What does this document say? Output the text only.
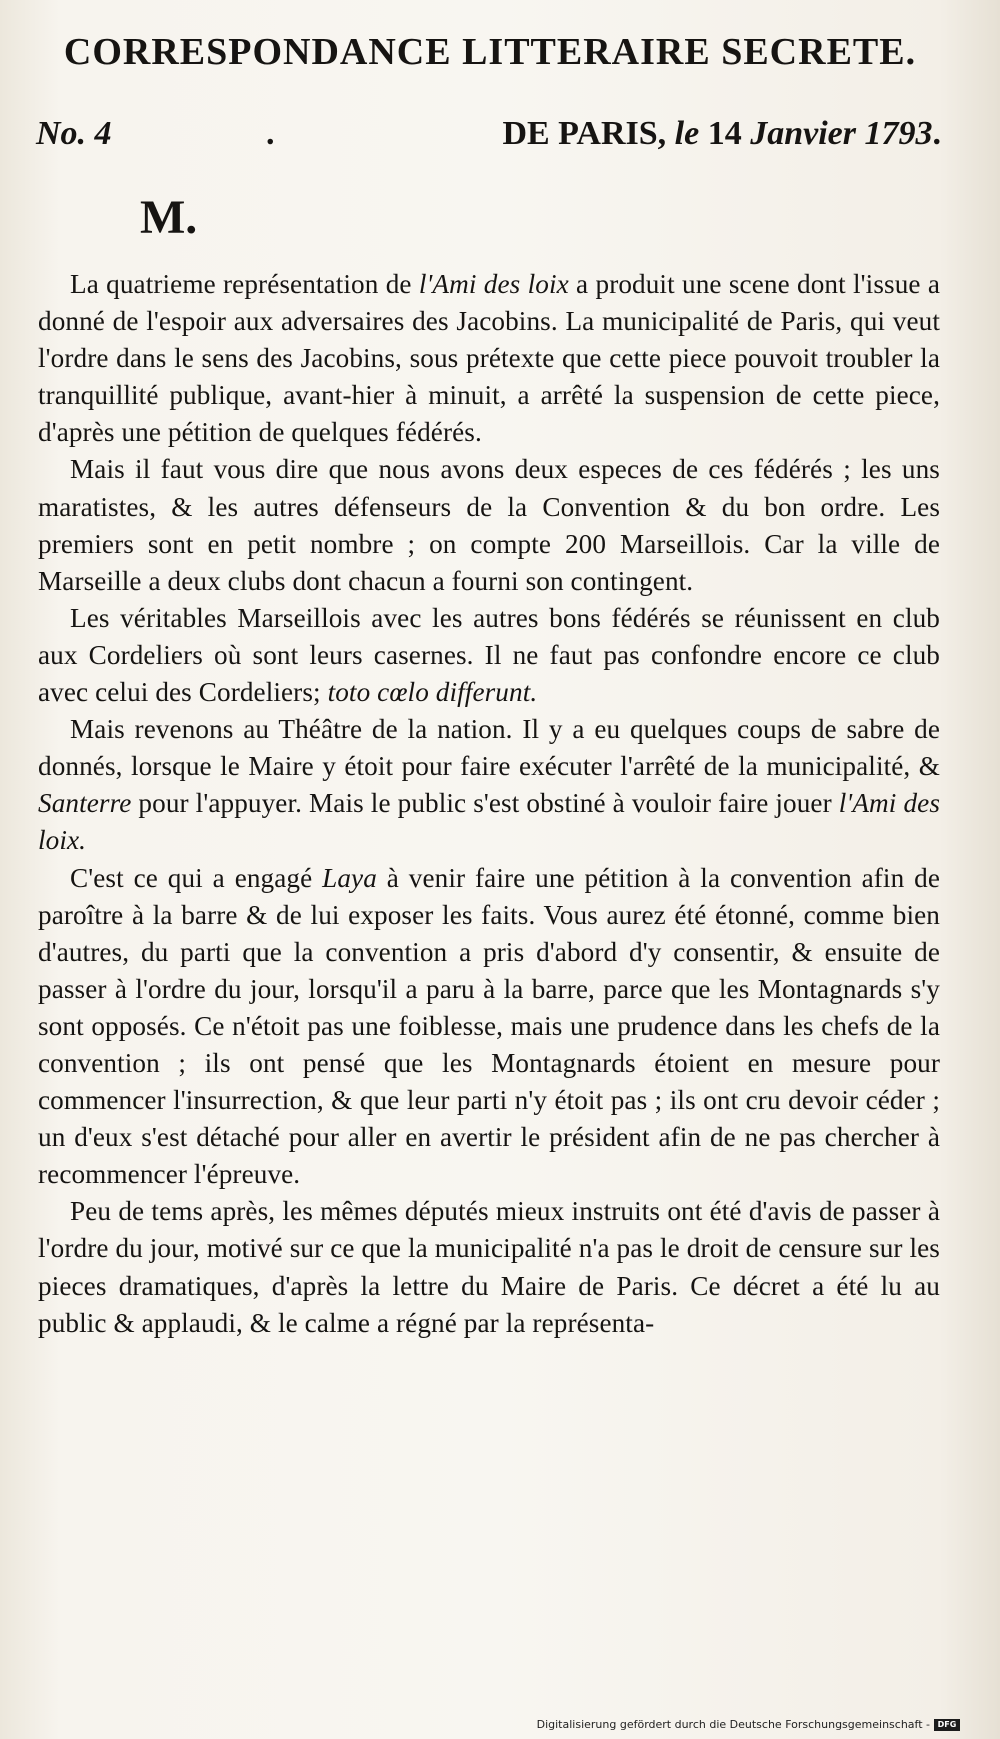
CORRESPONDANCE LITTERAIRE SECRETE.
No. 4	.	DE PARIS, le 14 Janvier 1793.
M.

La quatrieme représentation de l'Ami des loix a produit une scene dont l'issue a donné de l'espoir aux adversaires des Jacobins. La municipalité de Paris, qui veut l'ordre dans le sens des Jacobins, sous prétexte que cette piece pouvoit troubler la tranquillité publique, avant-hier à minuit, a arrêté la suspension de cette piece, d'après une pétition de quelques fédérés.

Mais il faut vous dire que nous avons deux especes de ces fédérés ; les uns maratistes, & les autres défenseurs de la Convention & du bon ordre. Les premiers sont en petit nombre ; on compte 200 Marseillois. Car la ville de Marseille a deux clubs dont chacun a fourni son contingent.

Les véritables Marseillois avec les autres bons fédérés se réunissent en club aux Cordeliers où sont leurs casernes. Il ne faut pas confondre encore ce club avec celui des Cordeliers; toto cœlo differunt.

Mais revenons au Théâtre de la nation. Il y a eu quelques coups de sabre de donnés, lorsque le Maire y étoit pour faire exécuter l'arrêté de la municipalité, & Santerre pour l'appuyer. Mais le public s'est obstiné à vouloir faire jouer l'Ami des loix.

C'est ce qui a engagé Laya à venir faire une pétition à la convention afin de paroître à la barre & de lui exposer les faits. Vous aurez été étonné, comme bien d'autres, du parti que la convention a pris d'abord d'y consentir, & ensuite de passer à l'ordre du jour, lorsqu'il a paru à la barre, parce que les Montagnards s'y sont opposés. Ce n'étoit pas une foiblesse, mais une prudence dans les chefs de la convention ; ils ont pensé que les Montagnards étoient en mesure pour commencer l'insurrection, & que leur parti n'y étoit pas ; ils ont cru devoir céder ; un d'eux s'est détaché pour aller en avertir le président afin de ne pas chercher à recommencer l'épreuve.

Peu de tems après, les mêmes députés mieux instruits ont été d'avis de passer à l'ordre du jour, motivé sur ce que la municipalité n'a pas le droit de censure sur les pieces dramatiques, d'après la lettre du Maire de Paris. Ce décret a été lu au public & applaudi, & le calme a régné par la représenta-

Digitalisierung gefördert durch die Deutsche Forschungsgemeinschaft - DFG
